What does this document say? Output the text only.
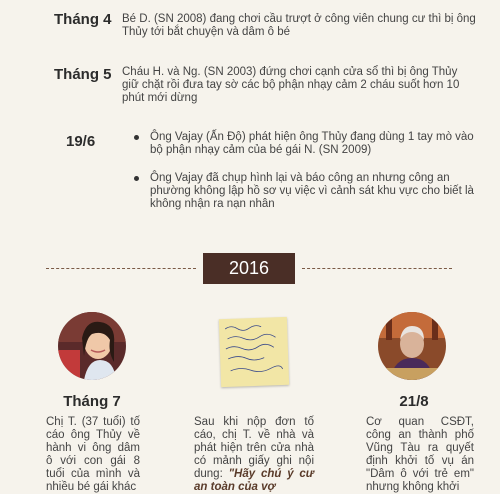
Tháng 4 Bé D. (SN 2008) đang chơi cầu trượt ở công viên chung cư thì bị ông Thủy tới bắt chuyện và dâm ô bé
Tháng 5 Cháu H. và Ng. (SN 2003) đứng chơi cạnh cửa sổ thì bị ông Thủy giữ chặt rồi đưa tay sờ các bộ phận nhạy cảm 2 cháu suốt hơn 10 phút mới dừng
19/6	Ông Vajay (Ấn Độ) phát hiện ông Thủy đang dùng 1 tay mò vào bộ phận nhạy cảm của bé gái N. (SN 2009)
Ông Vajay đã chụp hình lại và báo công an nhưng công an phường không lập hồ sơ vụ việc vì cảnh sát khu vực cho biết là không nhận ra nạn nhân
2016
Tháng 7
Chị T. (37 tuổi) tố cáo ông Thủy về hành vi ông dâm ô với con gái 8 tuổi của mình và nhiều bé gái khác
Sau khi nộp đơn tố cáo, chị T. về nhà và phát hiện trên cửa nhà có mảnh giấy ghi nội dung: "Hãy chú ý cư an toàn của vợ
21/8
Cơ quan CSĐT, công an thành phố Vũng Tàu ra quyết định khởi tố vụ án "Dâm ô với trẻ em" nhưng không khởi
